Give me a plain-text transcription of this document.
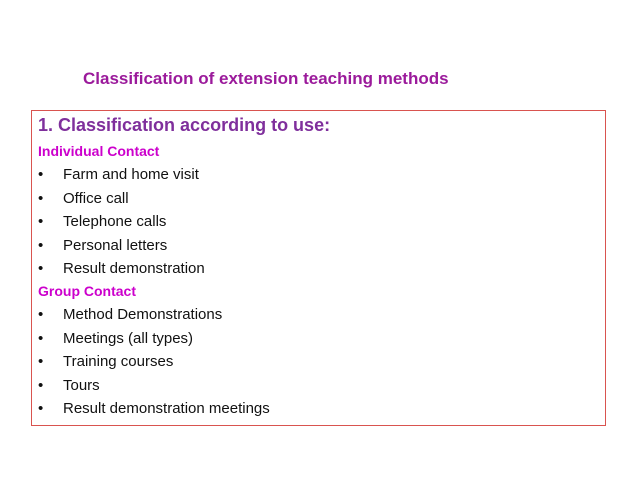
Classification of extension teaching methods
1. Classification according to use:
Individual Contact
• Farm and home visit
• Office call
• Telephone calls
• Personal letters
• Result demonstration
Group Contact
• Method Demonstrations
• Meetings (all types)
• Training courses
• Tours
• Result demonstration meetings
